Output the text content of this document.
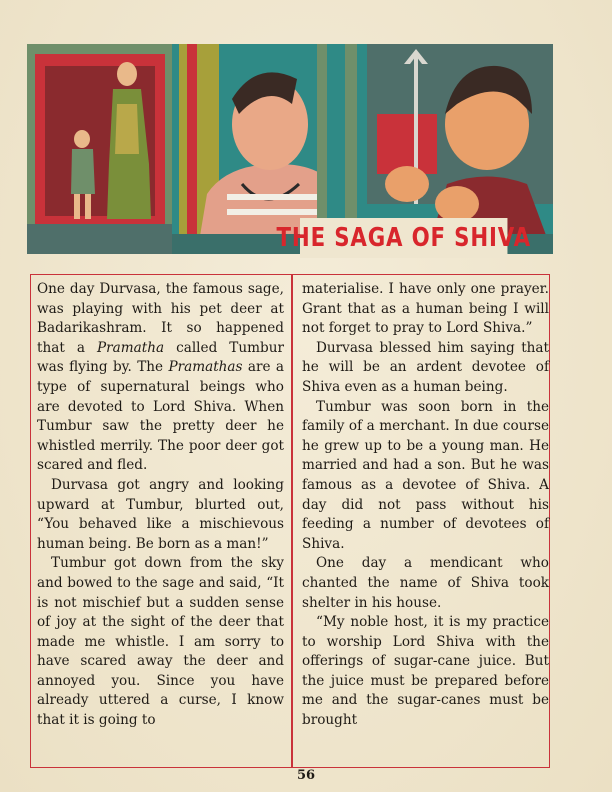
THE SAGA OF SHIVA

One day Durvasa, the famous sage, was playing with his pet deer at Badarikashram. It so happened that a Pramatha called Tumbur was flying by. The Pramathas are a type of supernatural beings who are devoted to Lord Shiva. When Tumbur saw the pretty deer he whistled merrily. The poor deer got scared and fled.

Durvasa got angry and looking upward at Tumbur, blurted out, “You behaved like a mischievous human being. Be born as a man!”

Tumbur got down from the sky and bowed to the sage and said, “It is not mischief but a sudden sense of joy at the sight of the deer that made me whistle. I am sorry to have scared away the deer and annoyed you. Since you have already uttered a curse, I know that it is going to

materialise. I have only one prayer. Grant that as a human being I will not forget to pray to Lord Shiva.”

Durvasa blessed him saying that he will be an ardent devotee of Shiva even as a human being.

Tumbur was soon born in the family of a merchant. In due course he grew up to be a young man. He married and had a son. But he was famous as a devotee of Shiva. A day did not pass without his feeding a number of devotees of Shiva.

One day a mendicant who chanted the name of Shiva took shelter in his house.

“My noble host, it is my practice to worship Lord Shiva with the offerings of sugar-cane juice. But the juice must be prepared before me and the sugar-canes must be brought

56
